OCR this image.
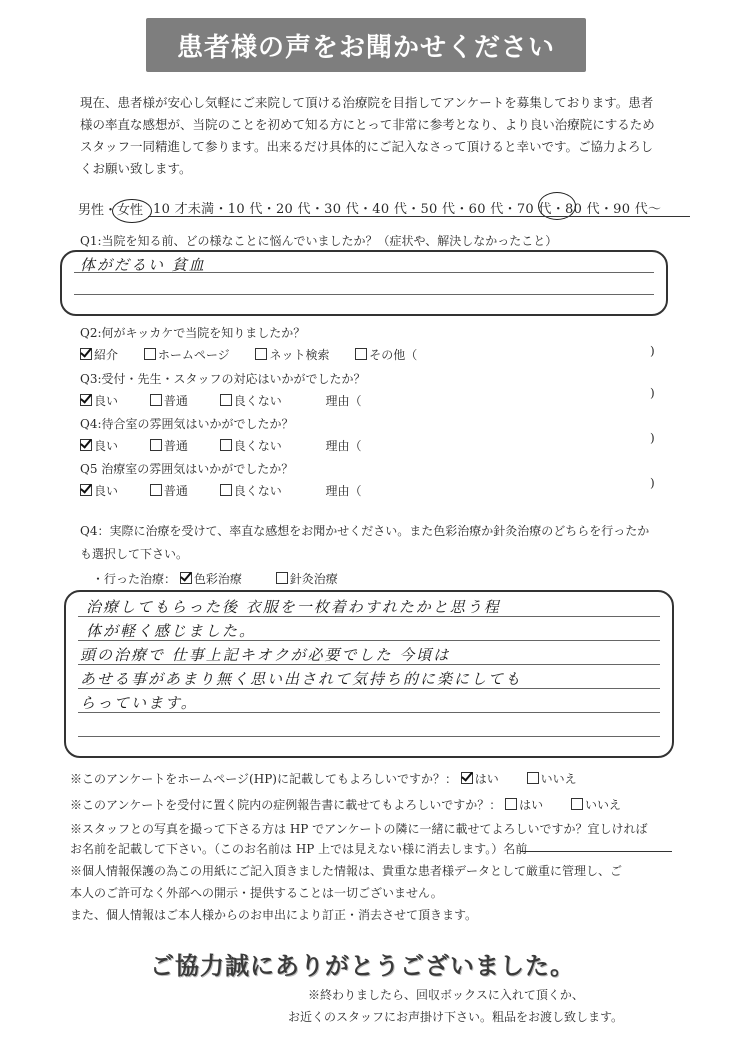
患者様の声をお聞かせください
現在、患者様が安心し気軽にご来院して頂ける治療院を目指してアンケートを募集しております。患者
様の率直な感想が、当院のことを初めて知る方にとって非常に参考となり、より良い治療院にするため
スタッフ一同精進して参ります。出来るだけ具体的にご記入なさって頂けると幸いです。ご協力よろし
くお願い致します。
男性・女性 10 才未満・10 代・20 代・30 代・40 代・50 代・60 代・70 代・80 代・90 代～
Q1:当院を知る前、どの様なことに悩んでいましたか？（症状や、解決しなかったこと）
体がだるい 貧血
Q2:何がキッカケで当院を知りましたか？
紹介	ホームページ	ネット検索	その他（	)
Q3:受付・先生・スタッフの対応はいかがでしたか？
良い	普通	良くない	理由（
)
Q4:待合室の雰囲気はいかがでしたか？
良い	普通	良くない	理由（
)
Q5 治療室の雰囲気はいかがでしたか？
良い	普通	良くない	理由（
)
Q4：実際に治療を受けて、率直な感想をお聞かせください。また色彩治療か針灸治療のどちらを行ったか
も選択して下さい。
・行った治療： 色彩治療	針灸治療
治療してもらった後 衣服を一枚着わすれたかと思う程
体が軽く感じました。
頭の治療で 仕事上記キオクが必要でした 今頃は
あせる事があまり無く思い出されて気持ち的に楽にしても
らっています。
※このアンケートをホームページ(HP)に記載してもよろしいですか？： はい	いいえ
※このアンケートを受付に置く院内の症例報告書に載せてもよろしいですか？： はい	いいえ
※スタッフとの写真を撮って下さる方は HP でアンケートの隣に一緒に載せてよろしいですか？宜しければ
お名前を記載して下さい。（このお名前は HP 上では見えない様に消去します。）名前
※個人情報保護の為この用紙にご記入頂きました情報は、貴重な患者様データとして厳重に管理し、ご
本人のご許可なく外部への開示・提供することは一切ございません。
また、個人情報はご本人様からのお申出により訂正・消去させて頂きます。
ご協力誠にありがとうございました。
※終わりましたら、回収ボックスに入れて頂くか、
お近くのスタッフにお声掛け下さい。粗品をお渡し致します。
